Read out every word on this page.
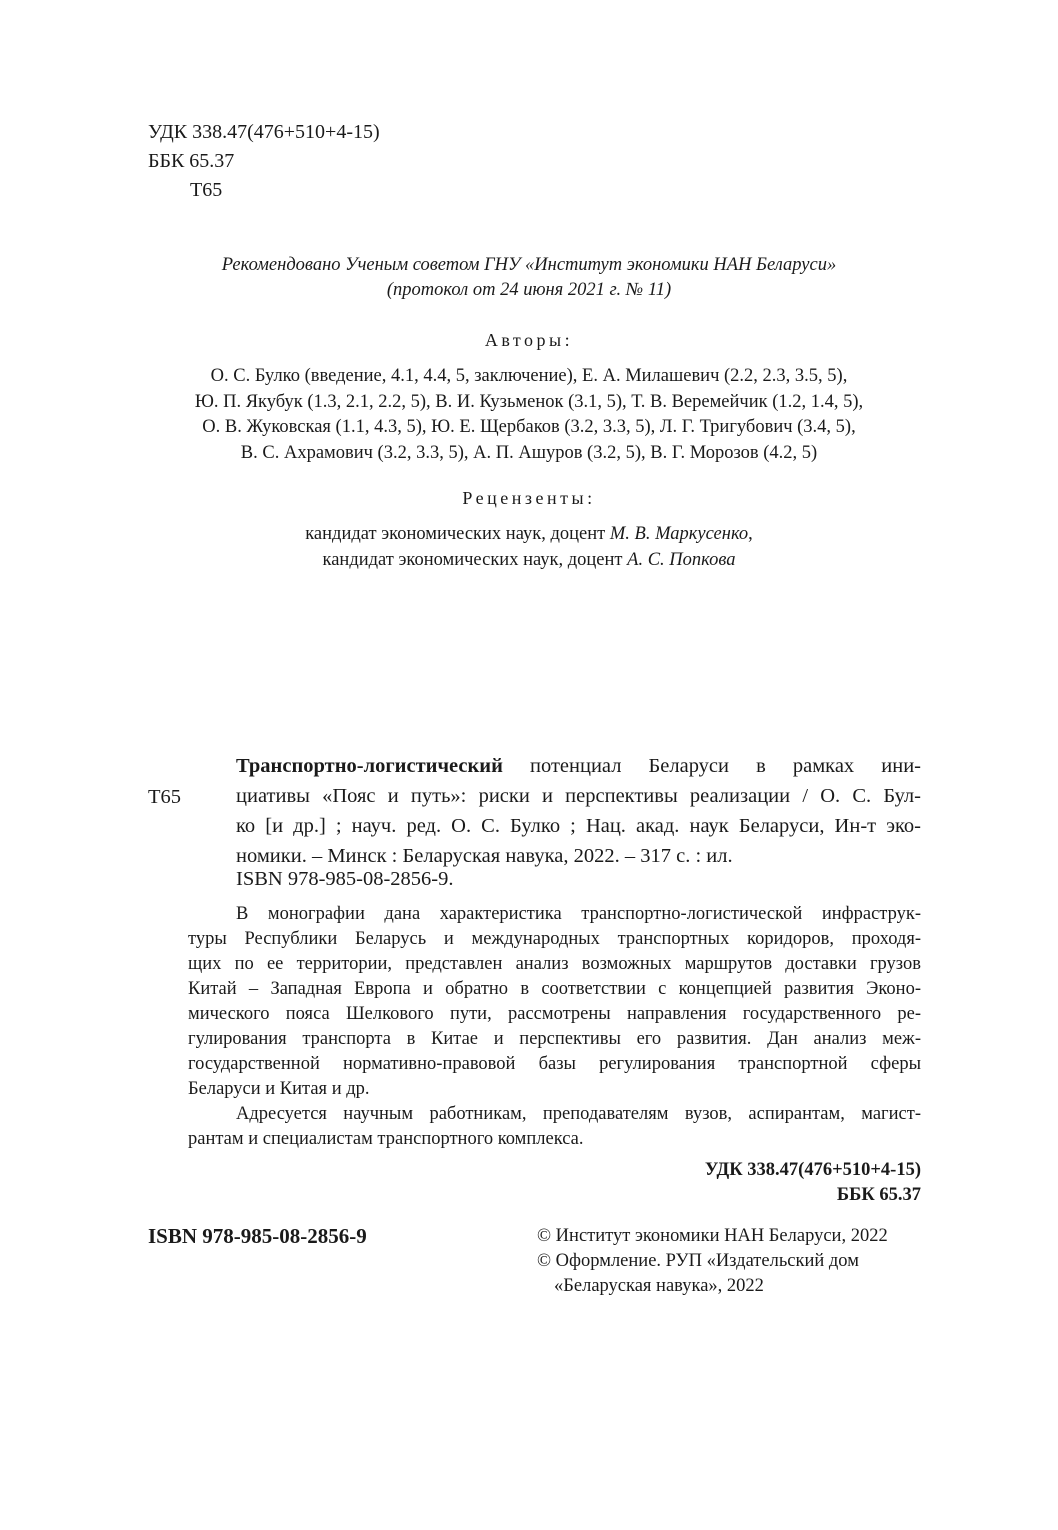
УДК 338.47(476+510+4-15)
ББК 65.37
Т65
Рекомендовано Ученым советом ГНУ «Институт экономики НАН Беларуси»
(протокол от 24 июня 2021 г. № 11)
Авторы:
О. С. Булко (введение, 4.1, 4.4, 5, заключение), Е. А. Милашевич (2.2, 2.3, 3.5, 5),
Ю. П. Якубук (1.3, 2.1, 2.2, 5), В. И. Кузьменок (3.1, 5), Т. В. Веремейчик (1.2, 1.4, 5),
О. В. Жуковская (1.1, 4.3, 5), Ю. Е. Щербаков (3.2, 3.3, 5), Л. Г. Тригубович (3.4, 5),
В. С. Ахрамович (3.2, 3.3, 5), А. П. Ашуров (3.2, 5), В. Г. Морозов (4.2, 5)
Рецензенты:
кандидат экономических наук, доцент М. В. Маркусенко,
кандидат экономических наук, доцент А. С. Попкова
Т65
Транспортно-логистический потенциал Беларуси в рамках ини-
циативы «Пояс и путь»: риски и перспективы реализации / О. С. Бул-
ко [и др.] ; науч. ред. О. С. Булко ; Нац. акад. наук Беларуси, Ин-т эко-
номики. – Минск : Беларуская навука, 2022. – 317 с. : ил.
ISBN 978-985-08-2856-9.
В монографии дана характеристика транспортно-логистической инфраструк-
туры Республики Беларусь и международных транспортных коридоров, проходя-
щих по ее территории, представлен анализ возможных маршрутов доставки грузов
Китай – Западная Европа и обратно в соответствии с концепцией развития Эконо-
мического пояса Шелкового пути, рассмотрены направления государственного ре-
гулирования транспорта в Китае и перспективы его развития. Дан анализ меж-
государственной нормативно-правовой базы регулирования транспортной сферы
Беларуси и Китая и др.
Адресуется научным работникам, преподавателям вузов, аспирантам, магист-
рантам и специалистам транспортного комплекса.
УДК 338.47(476+510+4-15)
ББК 65.37
ISBN 978-985-08-2856-9	© Институт экономики НАН Беларуси, 2022
© Оформление. РУП «Издательский дом
«Беларуская навука», 2022
